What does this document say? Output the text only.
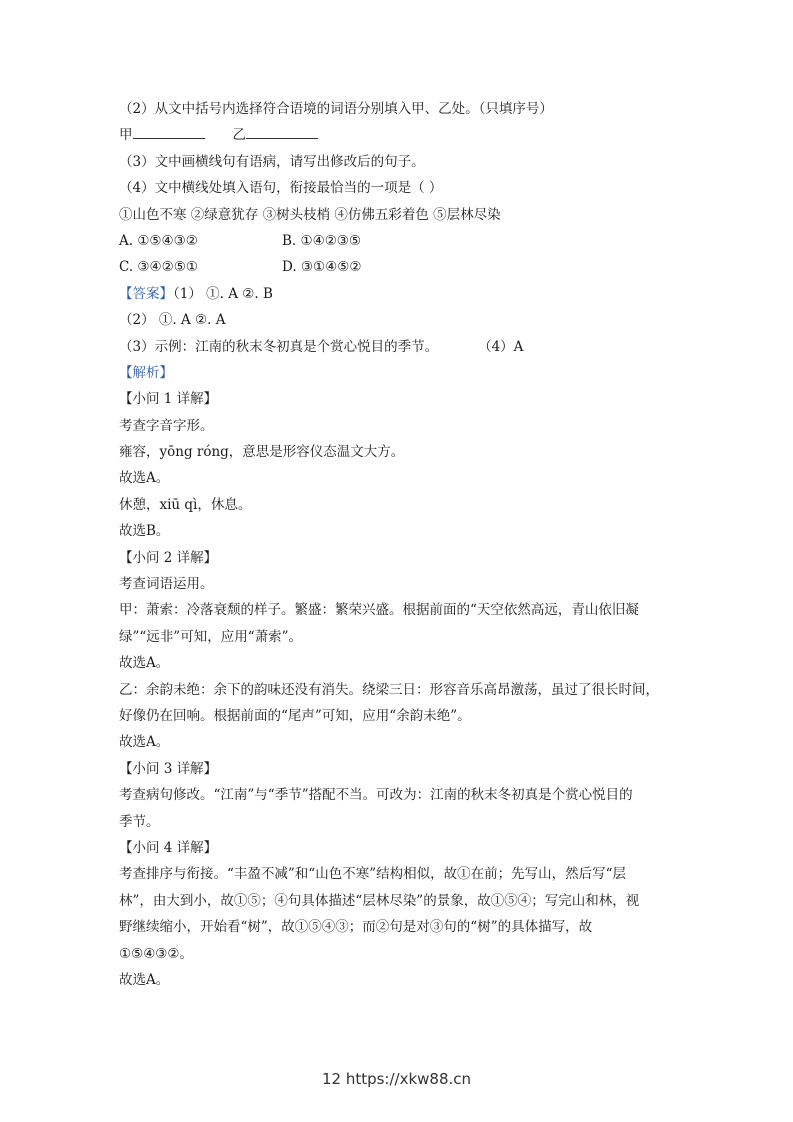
（2）从文中括号内选择符合语境的词语分别填入甲、乙处。（只填序号）
甲	乙
（3）文中画横线句有语病，请写出修改后的句子。
（4）文中横线处填入语句，衔接最恰当的一项是（ ）
①山色不寒 ②绿意犹存 ③树头枝梢 ④仿佛五彩着色 ⑤层林尽染
A. ①⑤④③②	B. ①④②③⑤
C. ③④②⑤①	D. ③①④⑤②
【答案】（1） ①. A ②. B
（2） ①. A ②. A
（3）示例：江南的秋末冬初真是个赏心悦目的季节。	（4）A
【解析】
【小问 1 详解】
考查字音字形。
雍容，yōng róng，意思是形容仪态温文大方。
故选A。
休憩，xiū qì，休息。
故选B。
【小问 2 详解】
考查词语运用。
甲：萧索：冷落衰颓的样子。繁盛：繁荣兴盛。根据前面的“天空依然高远，青山依旧凝
绿”“远非”可知，应用“萧索”。
故选A。
乙：余韵未绝：余下的韵味还没有消失。绕梁三日：形容音乐高昂激荡，虽过了很长时间，
好像仍在回响。根据前面的“尾声”可知，应用“余韵未绝”。
故选A。
【小问 3 详解】
考查病句修改。“江南”与“季节”搭配不当。可改为：江南的秋末冬初真是个赏心悦目的
季节。
【小问 4 详解】
考查排序与衔接。“丰盈不减”和“山色不寒”结构相似，故①在前；先写山，然后写“层
林”，由大到小，故①⑤；④句具体描述“层林尽染”的景象，故①⑤④；写完山和林，视
野继续缩小，开始看“树”，故①⑤④③；而②句是对③句的“树”的具体描写，故
①⑤④③②。
故选A。
12 https://xkw88.cn
